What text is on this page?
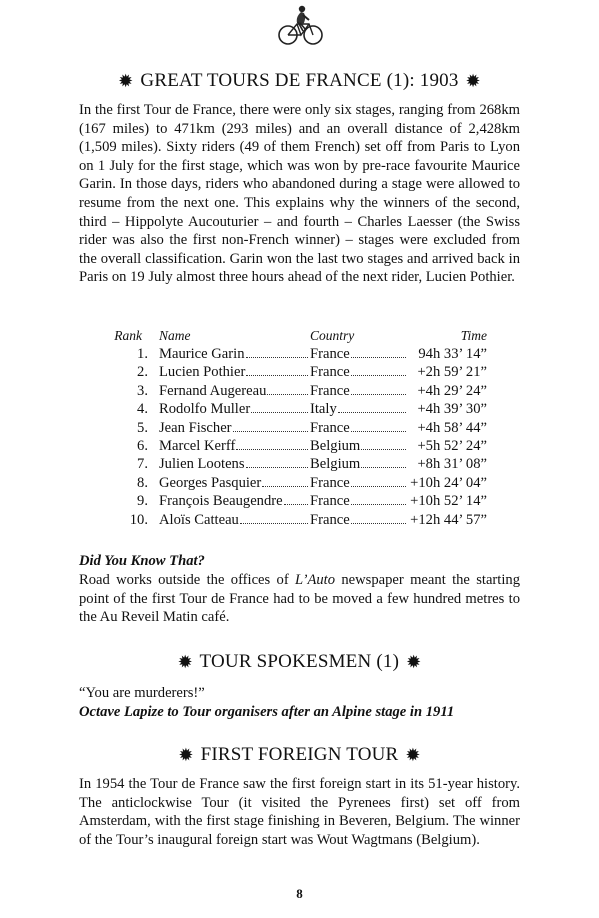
✹ GREAT TOURS DE FRANCE (1): 1903 ✹

In the first Tour de France, there were only six stages, ranging from 268km (167 miles) to 471km (293 miles) and an overall distance of 2,428km (1,509 miles). Sixty riders (49 of them French) set off from Paris to Lyon on 1 July for the first stage, which was won by pre-race favourite Maurice Garin. In those days, riders who abandoned during a stage were allowed to resume from the next one. This explains why the winners of the second, third – Hippolyte Aucouturier – and fourth – Charles Laesser (the Swiss rider was also the first non-French winner) – stages were excluded from the overall classification. Garin won the last two stages and arrived back in Paris on 19 July almost three hours ahead of the next rider, Lucien Pothier.

Rank Name	Country	Time
1. Maurice Garin	France	94h 33’ 14”
2. Lucien Pothier	France	+2h 59’ 21”
3. Fernand Augereau	France	+4h 29’ 24”
4. Rodolfo Muller	Italy	+4h 39’ 30”
5. Jean Fischer	France	+4h 58’ 44”
6. Marcel Kerff	Belgium	+5h 52’ 24”
7. Julien Lootens	Belgium	+8h 31’ 08”
8. Georges Pasquier	France	+10h 24’ 04”
9. François Beaugendre France	+10h 52’ 14”
10. Aloïs Catteau	France	+12h 44’ 57”
Did You Know That?

Road works outside the offices of L’Auto newspaper meant the starting point of the first Tour de France had to be moved a few hundred metres to the Au Reveil Matin café.

✹ TOUR SPOKESMEN (1) ✹
“You are murderers!”
Octave Lapize to Tour organisers after an Alpine stage in 1911
✹ FIRST FOREIGN TOUR ✹

In 1954 the Tour de France saw the first foreign start in its 51-year history. The anticlockwise Tour (it visited the Pyrenees first) set off from Amsterdam, with the first stage finishing in Beveren, Belgium. The winner of the Tour’s inaugural foreign start was Wout Wagtmans (Belgium).

8
